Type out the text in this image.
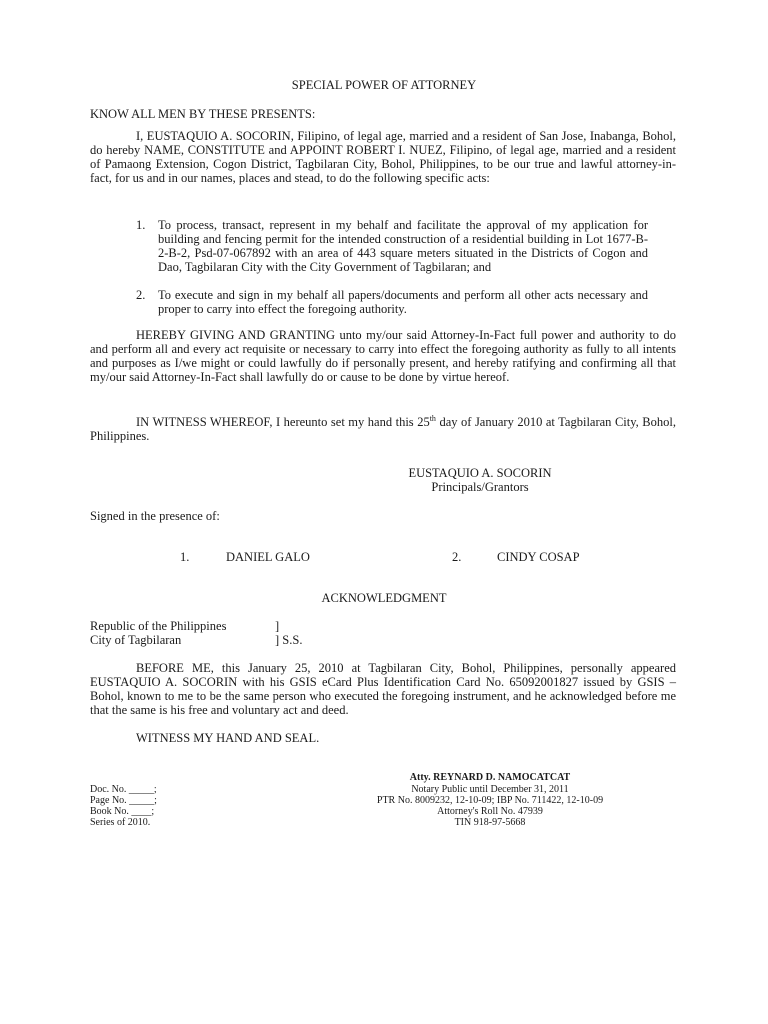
SPECIAL POWER OF ATTORNEY
KNOW ALL MEN BY THESE PRESENTS:

I, EUSTAQUIO A. SOCORIN, Filipino, of legal age, married and a resident of San Jose, Inabanga, Bohol, do hereby NAME, CONSTITUTE and APPOINT ROBERT I. NUEZ, Filipino, of legal age, married and a resident of Pamaong Extension, Cogon District, Tagbilaran City, Bohol, Philippines, to be our true and lawful attorney-in-fact, for us and in our names, places and stead, to do the following specific acts:

1. To process, transact, represent in my behalf and facilitate the approval of my application for building and fencing permit for the intended construction of a residential building in Lot 1677-B-2-B-2, Psd-07-067892 with an area of 443 square meters situated in the Districts of Cogon and Dao, Tagbilaran City with the City Government of Tagbilaran; and

2. To execute and sign in my behalf all papers/documents and perform all other acts necessary and proper to carry into effect the foregoing authority.

HEREBY GIVING AND GRANTING unto my/our said Attorney-In-Fact full power and authority to do and perform all and every act requisite or necessary to carry into effect the foregoing authority as fully to all intents and purposes as I/we might or could lawfully do if personally present, and hereby ratifying and confirming all that my/our said Attorney-In-Fact shall lawfully do or cause to be done by virtue hereof.

IN WITNESS WHEREOF, I hereunto set my hand this 25th day of January 2010 at Tagbilaran City, Bohol, Philippines.

EUSTAQUIO A. SOCORIN
Principals/Grantors
Signed in the presence of:
1.	DANIEL GALO	2.	CINDY COSAP
ACKNOWLEDGMENT
Republic of the Philippines	]
City of Tagbilaran	] S.S.

BEFORE ME, this January 25, 2010 at Tagbilaran City, Bohol, Philippines, personally appeared EUSTAQUIO A. SOCORIN with his GSIS eCard Plus Identification Card No. 65092001827 issued by GSIS – Bohol, known to me to be the same person who executed the foregoing instrument, and he acknowledged before me that the same is his free and voluntary act and deed.

WITNESS MY HAND AND SEAL.
Atty. REYNARD D. NAMOCATCAT
Notary Public until December 31, 2011
PTR No. 8009232, 12-10-09; IBP No. 711422, 12-10-09
Attorney's Roll No. 47939
TIN 918-97-5668
Doc. No. _____;
Page No. _____;
Book No. ____;
Series of 2010.
